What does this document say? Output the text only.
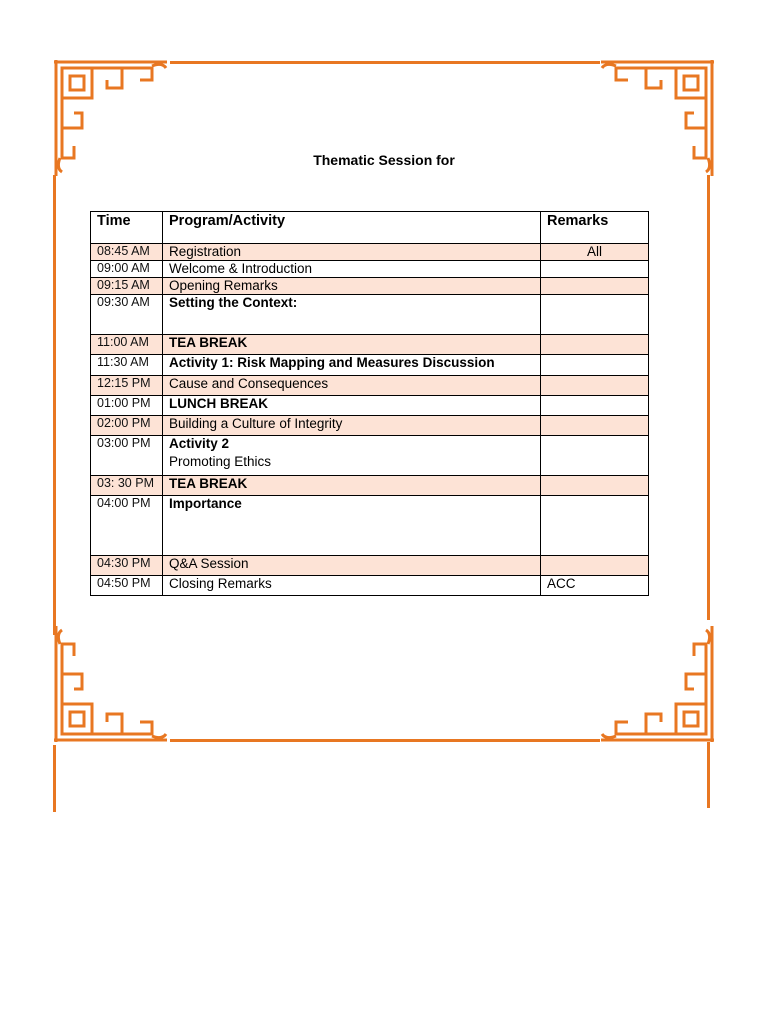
Thematic Session for
Time	Program/Activity	Remarks
08:45 AM	Registration	All
09:00 AM	Welcome & Introduction	
09:15 AM	Opening Remarks	
09:30 AM	Setting the Context:	
11:00 AM	TEA BREAK	
11:30 AM	Activity 1: Risk Mapping and Measures Discussion	
12:15 PM	Cause and Consequences	
01:00 PM	LUNCH BREAK	
02:00 PM	Building a Culture of Integrity	
03:00 PM	Activity 2
Promoting Ethics	

03: 30 PM	TEA BREAK	
04:00 PM	Importance	
04:30 PM	Q&A Session	
04:50 PM	Closing Remarks	ACC
